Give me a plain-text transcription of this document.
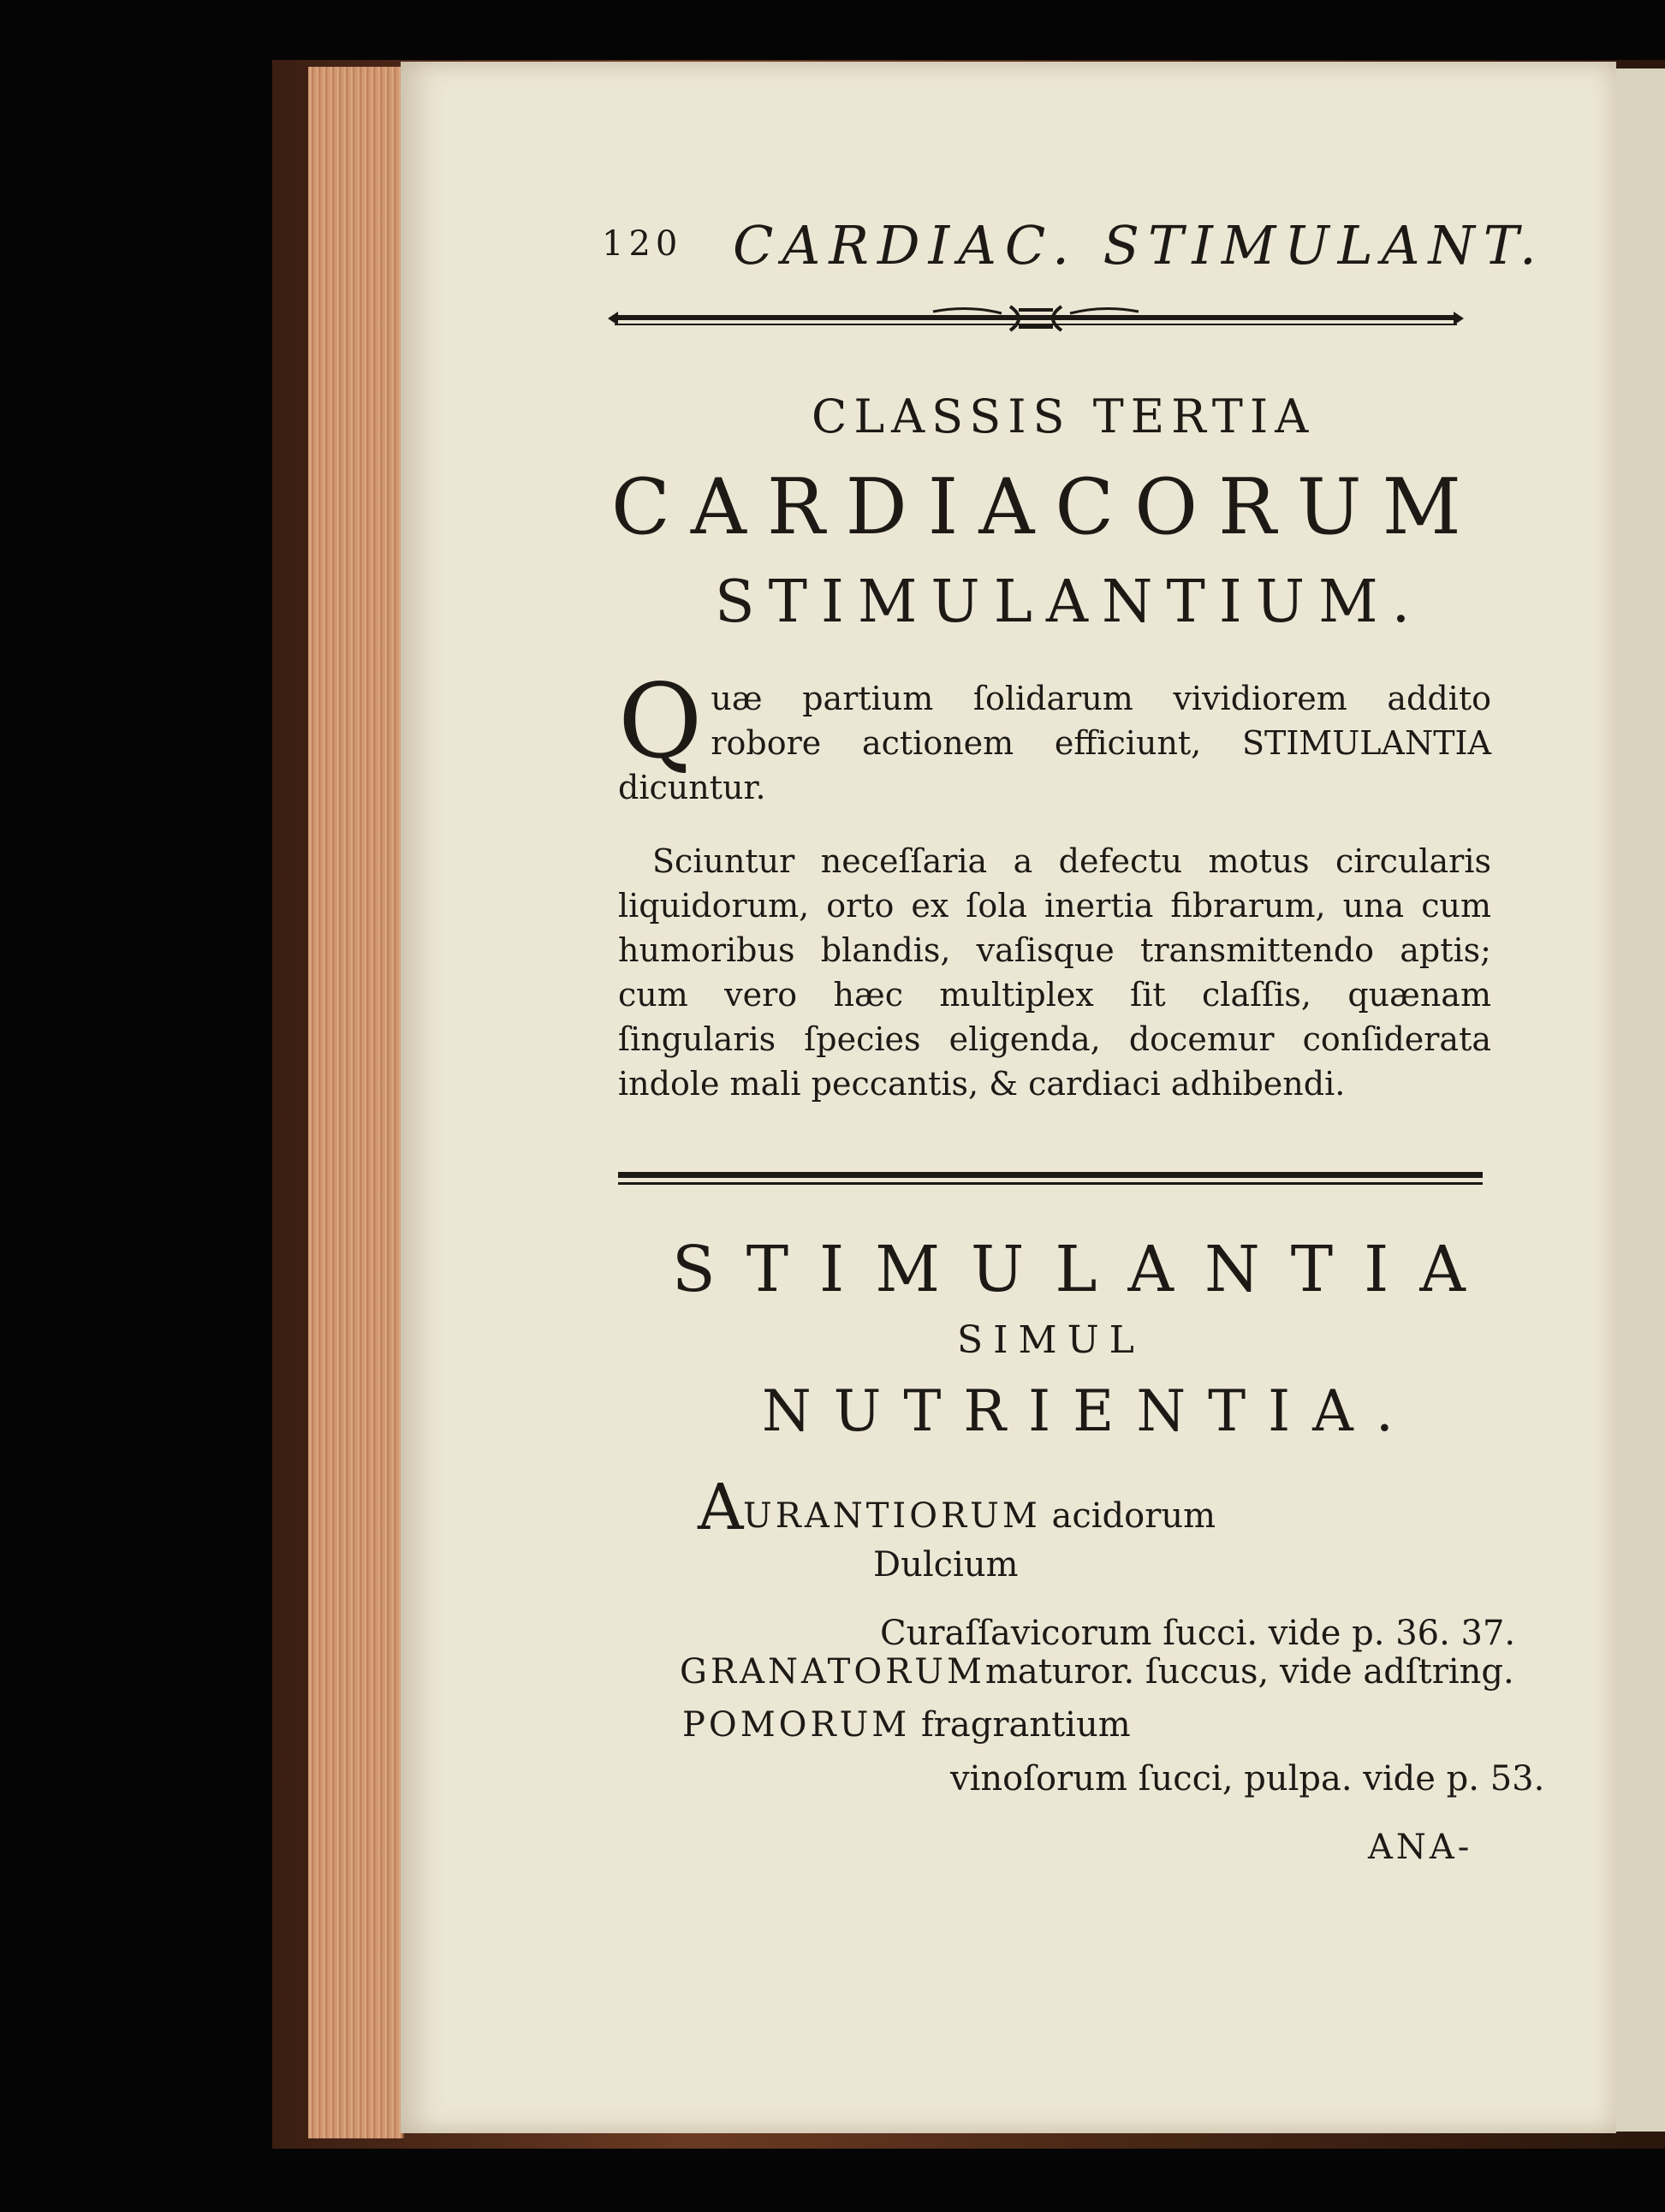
120 CARDIAC. STIMULANT.
CLASSIS TERTIA
CARDIACORUM
STIMULANTIUM.
Q uæ partium ſolidarum vividiorem addito robore actionem efficiunt, STIMULANTIA dicuntur.
Sciuntur neceſſaria a defectu motus circularis liquidorum, orto ex ſola inertia fibrarum, una cum humoribus blandis, vaſisque transmittendo aptis; cum vero hæc multiplex ſit claſſis, quænam ſingularis ſpecies eligenda, docemur conſiderata indole mali peccantis, & cardiaci adhibendi.
STIMULANTIA
SIMUL
NUTRIENTIA.
A URANTIORUM acidorum
Dulcium
Curaſſavicorum ſucci. vide p. 36. 37.
GRANATORUMmaturor. ſuccus, vide adſtring.
POMORUM fragrantium
vinoſorum ſucci, pulpa. vide p. 53.
ANA-
